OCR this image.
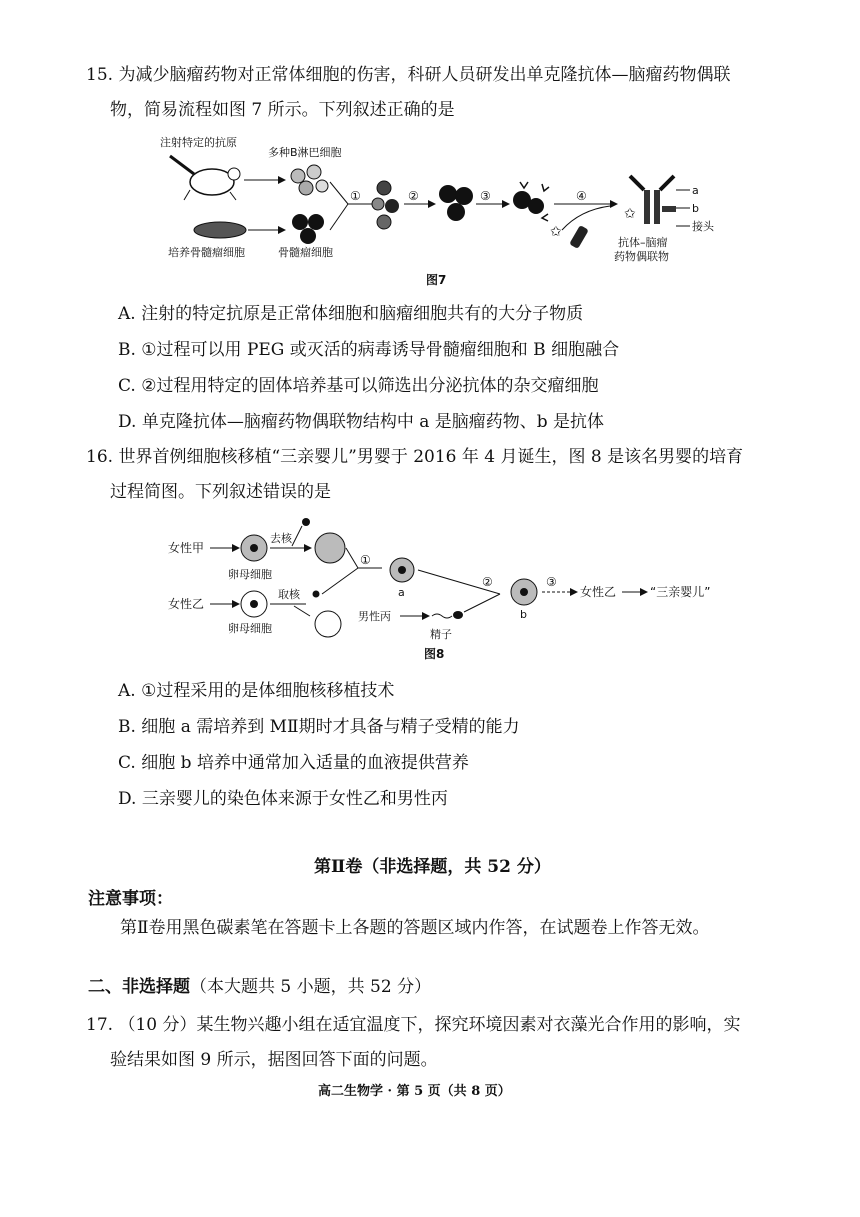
15. 为减少脑瘤药物对正常体细胞的伤害，科研人员研发出单克隆抗体—脑瘤药物偶联
物，简易流程如图 7 所示。下列叙述正确的是
注射特定的抗原
多种B淋巴细胞
培养骨髓瘤细胞	骨髓瘤细胞
①	②	③	④
✩
✩
a
b
接头
抗体–脑瘤
药物偶联物
图7
A. 注射的特定抗原是正常体细胞和脑瘤细胞共有的大分子物质
B. ①过程可以用 PEG 或灭活的病毒诱导骨髓瘤细胞和 B 细胞融合
C. ②过程用特定的固体培养基可以筛选出分泌抗体的杂交瘤细胞
D. 单克隆抗体—脑瘤药物偶联物结构中 a 是脑瘤药物、b 是抗体
16. 世界首例细胞核移植“三亲婴儿”男婴于 2016 年 4 月诞生，图 8 是该名男婴的培育
过程简图。下列叙述错误的是
女性甲
卵母细胞
去核
女性乙
卵母细胞
取核
①
a
男性丙
精子
②
b
③
女性乙	“三亲婴儿”
图8
A. ①过程采用的是体细胞核移植技术
B. 细胞 a 需培养到 MⅡ期时才具备与精子受精的能力
C. 细胞 b 培养中通常加入适量的血液提供营养
D. 三亲婴儿的染色体来源于女性乙和男性丙
第Ⅱ卷（非选择题，共 52 分）
注意事项：
第Ⅱ卷用黑色碳素笔在答题卡上各题的答题区域内作答，在试题卷上作答无效。
二、非选择题（本大题共 5 小题，共 52 分）
17. （10 分）某生物兴趣小组在适宜温度下，探究环境因素对衣藻光合作用的影响，实
验结果如图 9 所示，据图回答下面的问题。
高二生物学 · 第 5 页（共 8 页）
